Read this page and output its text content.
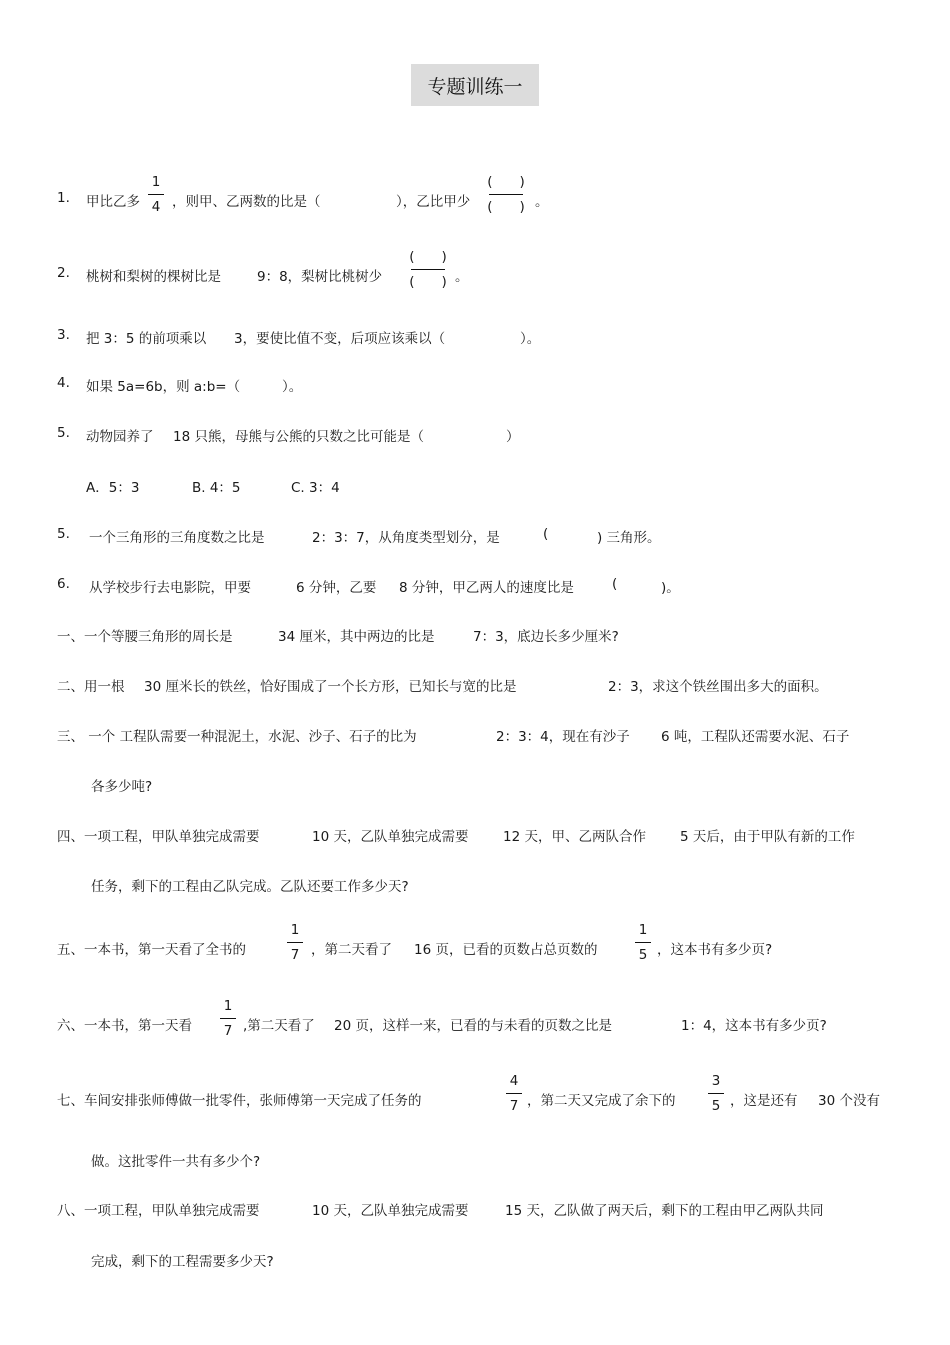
专题训练一
1. 甲比乙多
1
4 ，则甲、乙两数的比是（	），乙比甲少
(　　)
(　　) 。
2. 桃树和梨树的棵树比是	9：8，梨树比桃树少
(　　)
(　　) 。
3. 把 3：5 的前项乘以 3，要使比值不变，后项应该乘以（	）。
4. 如果 5a=6b，则 a:b=（	）。
5. 动物园养了 18 只熊，母熊与公熊的只数之比可能是（	）
A．5：3	B. 4：5	C. 3：4
5. 一个三角形的三角度数之比是	2：3：7，从角度类型划分，是	(	) 三角形。
6. 从学校步行去电影院，甲要	6 分钟，乙要 8 分钟，甲乙两人的速度比是	(	)。
一、一个等腰三角形的周长是	34 厘米，其中两边的比是	7：3，底边长多少厘米?
二、用一根 30 厘米长的铁丝，恰好围成了一个长方形，已知长与宽的比是	2：3，求这个铁丝围出多大的面积。
三、 一个 工程队需要一种混泥土，水泥、沙子、石子的比为	2：3：4，现在有沙子 6 吨，工程队还需要水泥、石子
各多少吨?
四、一项工程，甲队单独完成需要	10 天，乙队单独完成需要	12 天，甲、乙两队合作	5 天后，由于甲队有新的工作
任务，剩下的工程由乙队完成。乙队还要工作多少天?
五、一本书，第一天看了全书的
1
7 ，第二天看了 16 页，已看的页数占总页数的
1
5 ，这本书有多少页?
六、一本书，第一天看
1
7 ,第二天看了 20 页，这样一来，已看的与未看的页数之比是	1：4，这本书有多少页?
七、车间安排张师傅做一批零件，张师傅第一天完成了任务的
4
7 ，第二天又完成了余下的
3
5 ，这是还有 30 个没有
做。这批零件一共有多少个?
八、一项工程，甲队单独完成需要	10 天，乙队单独完成需要	15 天，乙队做了两天后，剩下的工程由甲乙两队共同
完成，剩下的工程需要多少天?
